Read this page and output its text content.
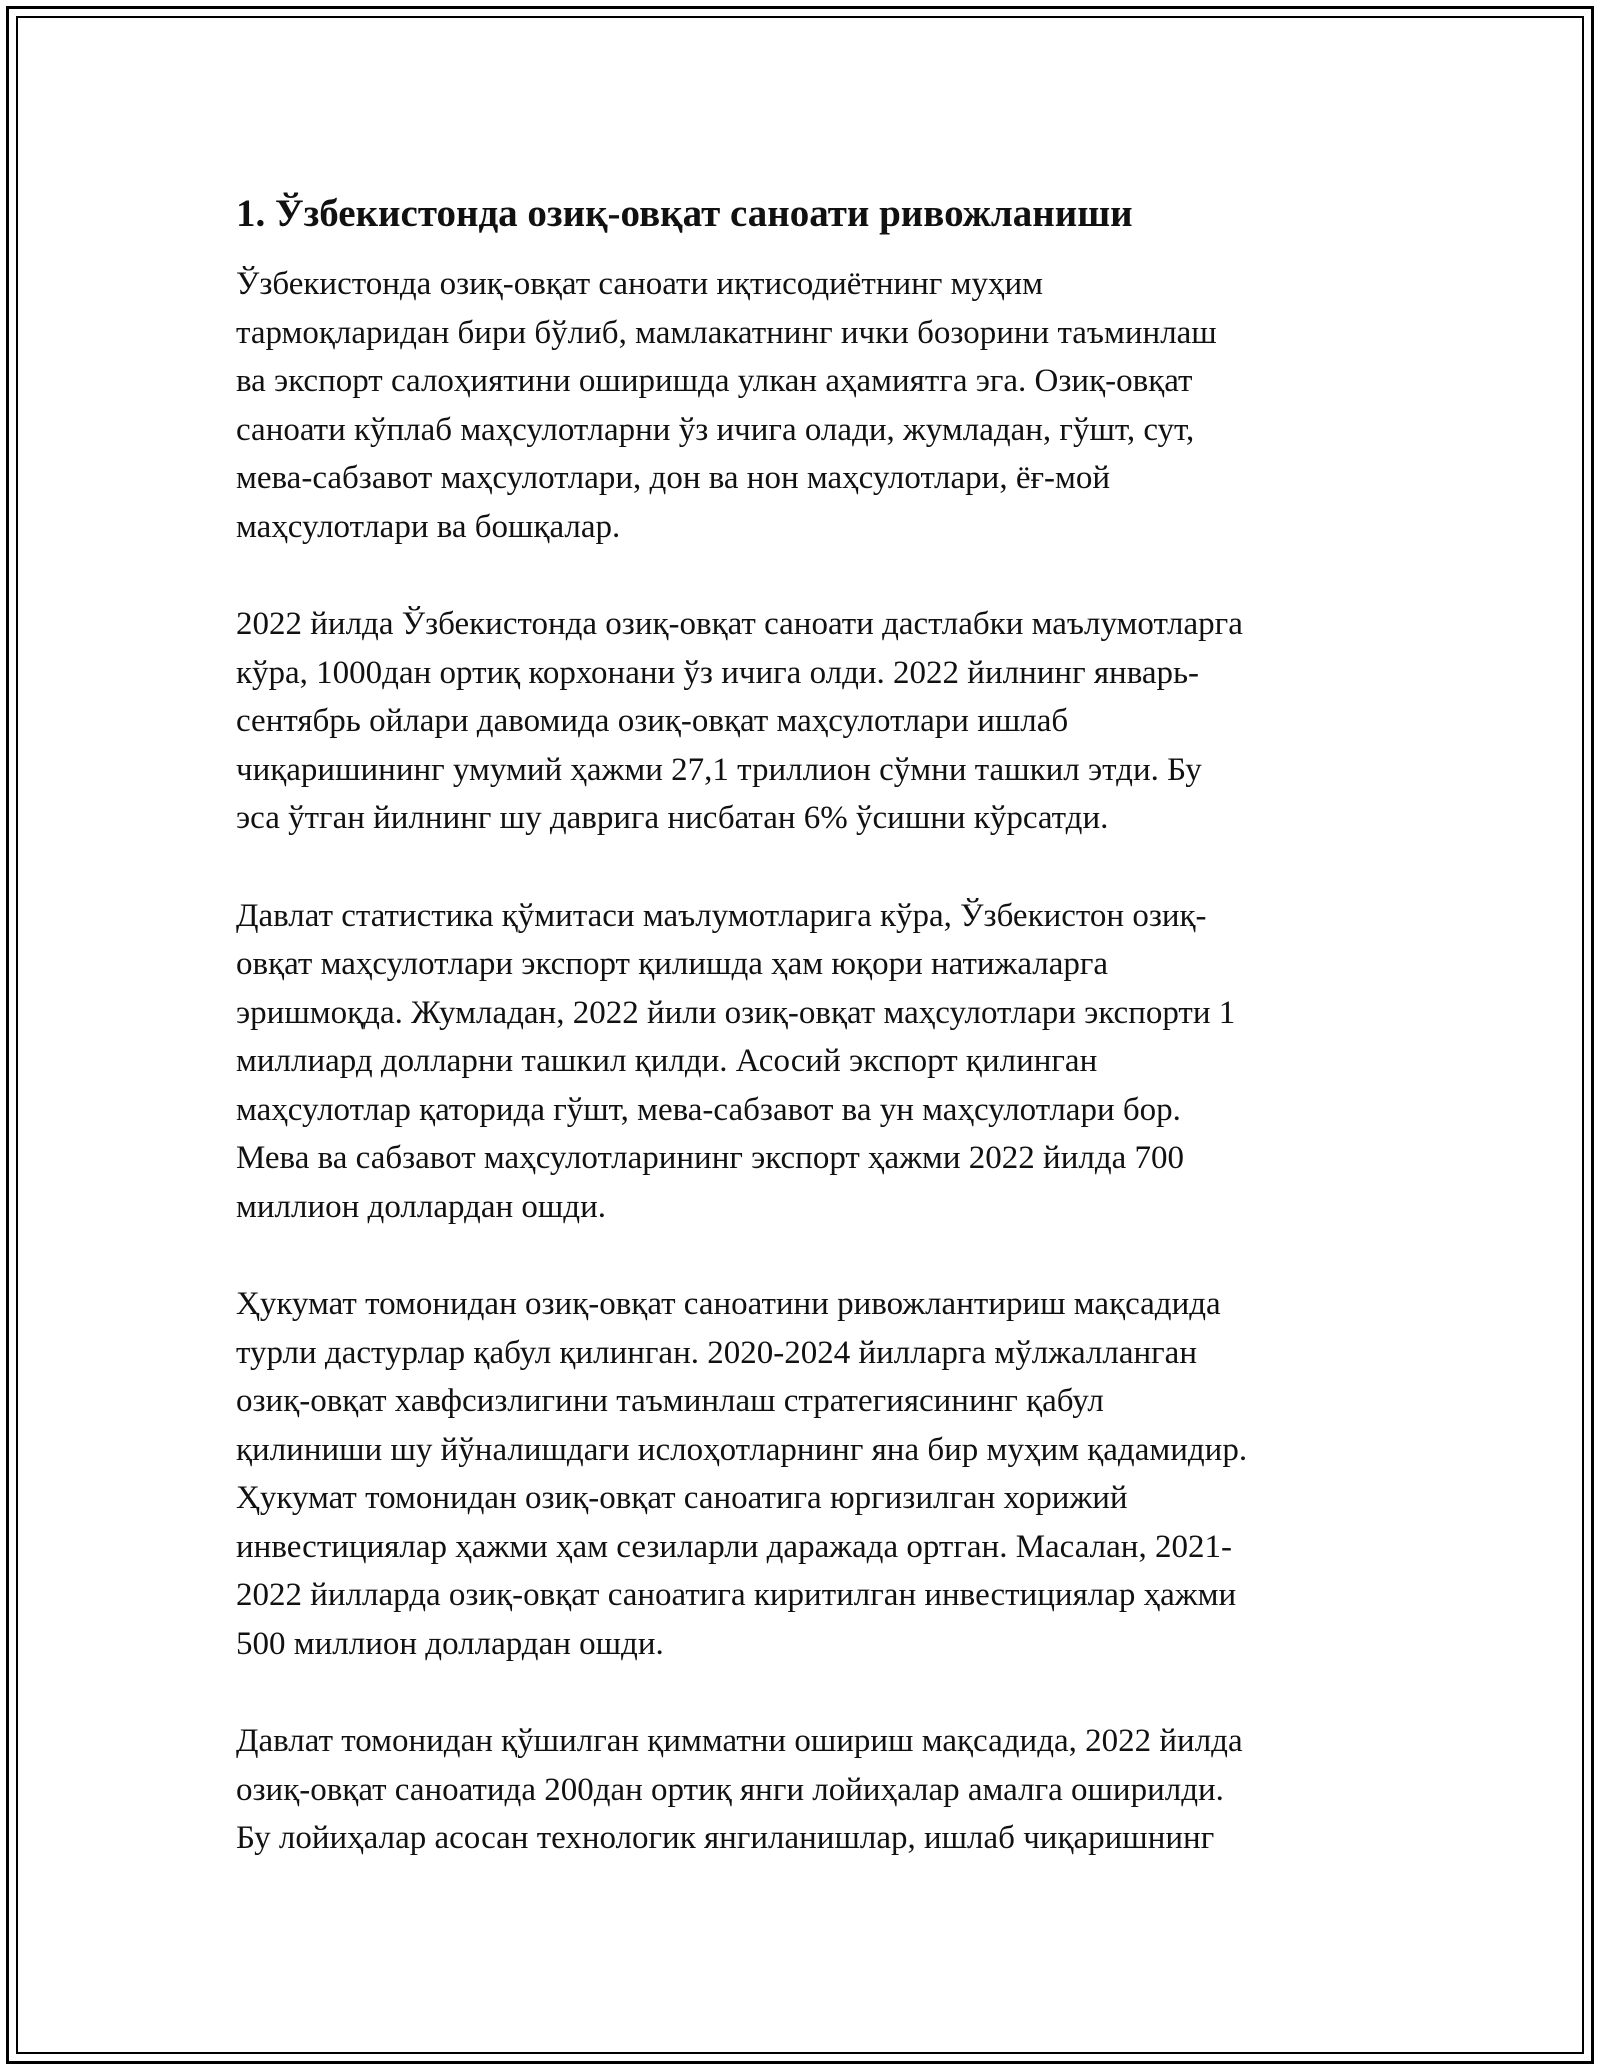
1. Ўзбекистонда озиқ-овқат саноати ривожланиши
Ўзбекистонда озиқ-овқат саноати иқтисодиётнинг муҳим
тармоқларидан бири бўлиб, мамлакатнинг ички бозорини таъминлаш
ва экспорт салоҳиятини оширишда улкан аҳамиятга эга. Озиқ-овқат
саноати кўплаб маҳсулотларни ўз ичига олади, жумладан, гўшт, сут,
мева-сабзавот маҳсулотлари, дон ва нон маҳсулотлари, ёғ-мой
маҳсулотлари ва бошқалар.
2022 йилда Ўзбекистонда озиқ-овқат саноати дастлабки маълумотларга
кўра, 1000дан ортиқ корхонани ўз ичига олди. 2022 йилнинг январь-
сентябрь ойлари давомида озиқ-овқат маҳсулотлари ишлаб
чиқаришининг умумий ҳажми 27,1 триллион сўмни ташкил этди. Бу
эса ўтган йилнинг шу даврига нисбатан 6% ўсишни кўрсатди.
Давлат статистика қўмитаси маълумотларига кўра, Ўзбекистон озиқ-
овқат маҳсулотлари экспорт қилишда ҳам юқори натижаларга
эришмоқда. Жумладан, 2022 йили озиқ-овқат маҳсулотлари экспорти 1
миллиард долларни ташкил қилди. Асосий экспорт қилинган
маҳсулотлар қаторида гўшт, мева-сабзавот ва ун маҳсулотлари бор.
Мева ва сабзавот маҳсулотларининг экспорт ҳажми 2022 йилда 700
миллион доллардан ошди.
Ҳукумат томонидан озиқ-овқат саноатини ривожлантириш мақсадида
турли дастурлар қабул қилинган. 2020-2024 йилларга мўлжалланган
озиқ-овқат хавфсизлигини таъминлаш стратегиясининг қабул
қилиниши шу йўналишдаги ислоҳотларнинг яна бир муҳим қадамидир.
Ҳукумат томонидан озиқ-овқат саноатига юргизилган хорижий
инвестициялар ҳажми ҳам сезиларли даражада ортган. Масалан, 2021-
2022 йилларда озиқ-овқат саноатига киритилган инвестициялар ҳажми
500 миллион доллардан ошди.
Давлат томонидан қўшилган қимматни ошириш мақсадида, 2022 йилда
озиқ-овқат саноатида 200дан ортиқ янги лойиҳалар амалга оширилди.
Бу лойиҳалар асосан технологик янгиланишлар, ишлаб чиқаришнинг
